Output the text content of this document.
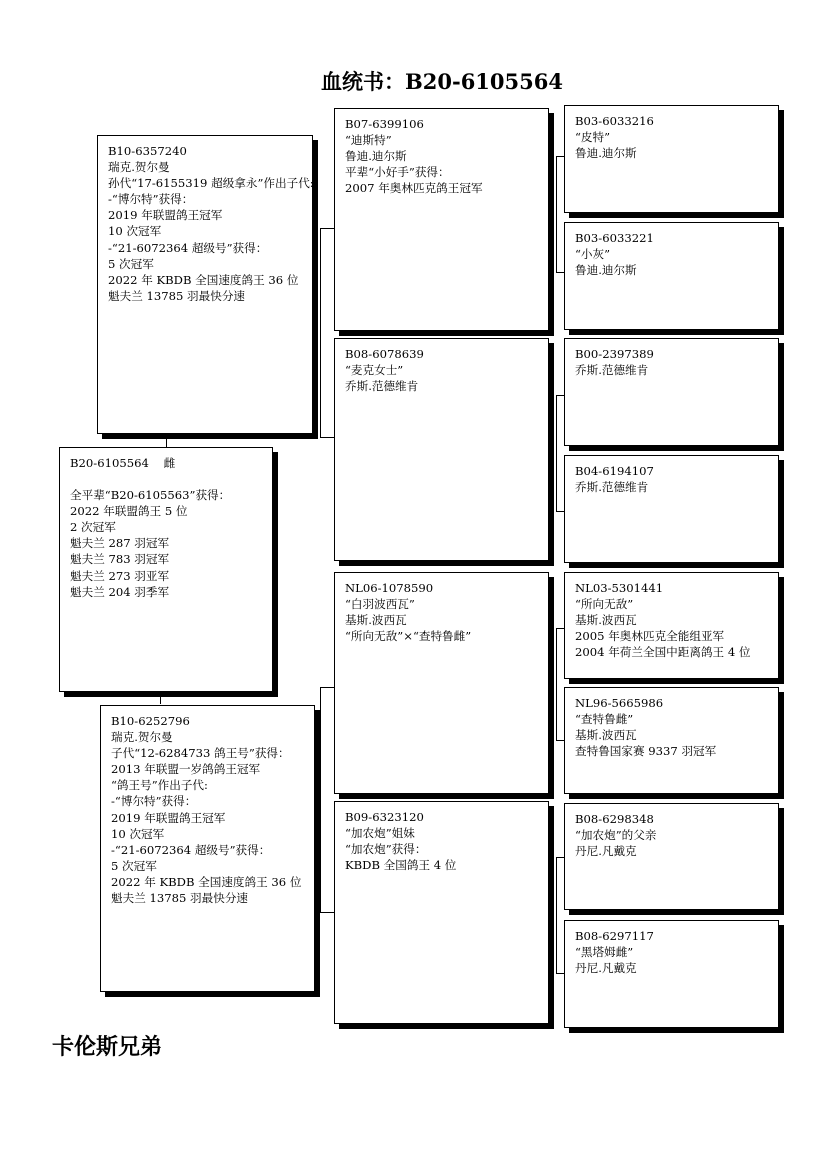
血统书：B20-6105564
B10-6357240
瑞克.贺尔曼
孙代“17-6155319 超级拿永”作出子代:
-“博尔特”获得：
2019 年联盟鸽王冠军
10 次冠军
-“21-6072364 超级号”获得：
5 次冠军
2022 年 KBDB 全国速度鸽王 36 位
魁夫兰 13785 羽最快分速
B20-6105564 雌
全平辈“B20-6105563”获得：
2022 年联盟鸽王 5 位
2 次冠军
魁夫兰 287 羽冠军
魁夫兰 783 羽冠军
魁夫兰 273 羽亚军
魁夫兰 204 羽季军
B10-6252796
瑞克.贺尔曼
子代“12-6284733 鸽王号”获得：
2013 年联盟一岁鸽鸽王冠军
“鸽王号”作出子代:
-“博尔特”获得：
2019 年联盟鸽王冠军
10 次冠军
-“21-6072364 超级号”获得：
5 次冠军
2022 年 KBDB 全国速度鸽王 36 位
魁夫兰 13785 羽最快分速
B07-6399106
“迪斯特”
鲁迪.迪尔斯
平辈“小好手”获得：
2007 年奥林匹克鸽王冠军
B08-6078639
“麦克女士”
乔斯.范德维肯
NL06-1078590
“白羽波西瓦”
基斯.波西瓦
“所向无敌”×“查特鲁雌”
B09-6323120
“加农炮”姐妹
“加农炮”获得：
KBDB 全国鸽王 4 位
B03-6033216
“皮特”
鲁迪.迪尔斯
B03-6033221
“小灰”
鲁迪.迪尔斯
B00-2397389
乔斯.范德维肯
B04-6194107
乔斯.范德维肯
NL03-5301441
“所向无敌”
基斯.波西瓦
2005 年奥林匹克全能组亚军
2004 年荷兰全国中距离鸽王 4 位
NL96-5665986
“查特鲁雌”
基斯.波西瓦
查特鲁国家赛 9337 羽冠军
B08-6298348
“加农炮”的父亲
丹尼.凡戴克
B08-6297117
“黑塔姆雌”
丹尼.凡戴克
卡伦斯兄弟
